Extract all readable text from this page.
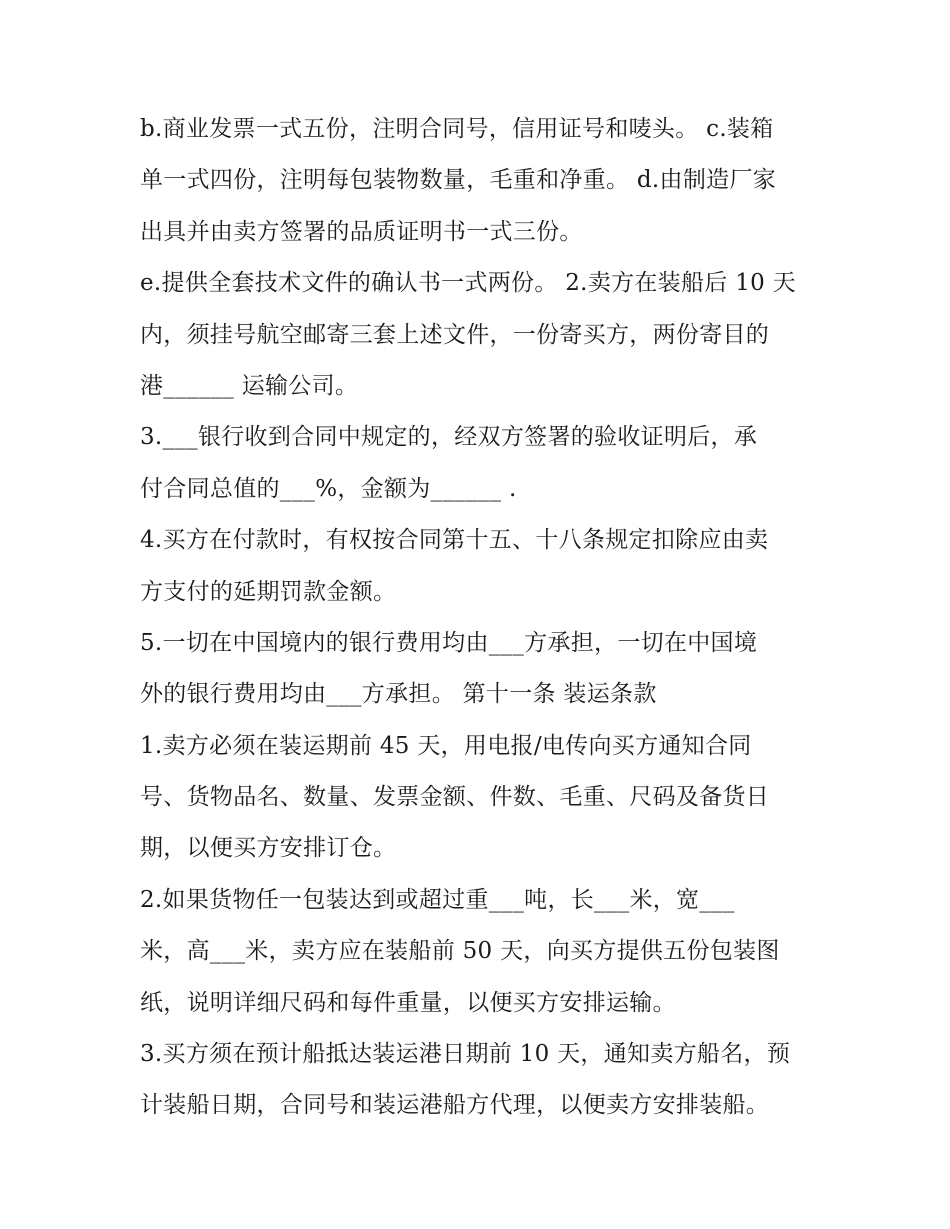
b.商业发票一式五份，注明合同号，信用证号和唛头。 c.装箱
单一式四份，注明每包装物数量，毛重和净重。 d.由制造厂家
出具并由卖方签署的品质证明书一式三份。
e.提供全套技术文件的确认书一式两份。 2.卖方在装船后 10 天
内，须挂号航空邮寄三套上述文件，一份寄买方，两份寄目的
港______ 运输公司。
3.___银行收到合同中规定的，经双方签署的验收证明后，承
付合同总值的___%，金额为______ .
4.买方在付款时，有权按合同第十五、十八条规定扣除应由卖
方支付的延期罚款金额。
5.一切在中国境内的银行费用均由___方承担，一切在中国境
外的银行费用均由___方承担。 第十一条 装运条款
1.卖方必须在装运期前 45 天，用电报/电传向买方通知合同
号、货物品名、数量、发票金额、件数、毛重、尺码及备货日
期，以便买方安排订仓。
2.如果货物任一包装达到或超过重___吨，长___米，宽___
米，高___米，卖方应在装船前 50 天，向买方提供五份包装图
纸，说明详细尺码和每件重量，以便买方安排运输。
3.买方须在预计船抵达装运港日期前 10 天，通知卖方船名，预
计装船日期，合同号和装运港船方代理，以便卖方安排装船。
